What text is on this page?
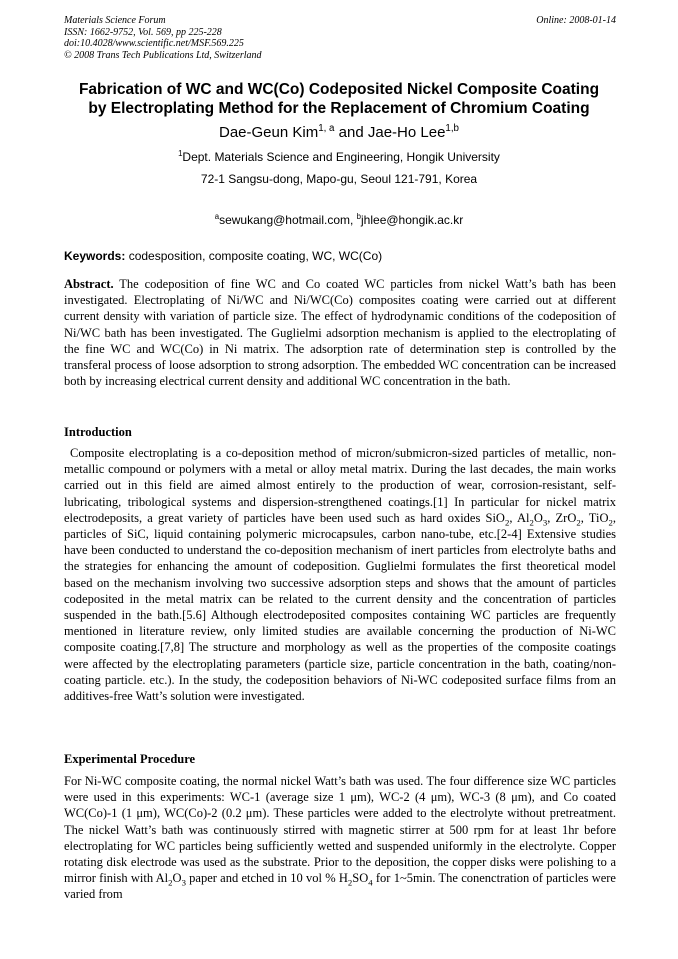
Materials Science Forum
ISSN: 1662-9752, Vol. 569, pp 225-228
doi:10.4028/www.scientific.net/MSF.569.225
© 2008 Trans Tech Publications Ltd, Switzerland
Online: 2008-01-14
Fabrication of WC and WC(Co) Codeposited Nickel Composite Coating
by Electroplating Method for the Replacement of Chromium Coating
Dae-Geun Kim$^{1, a}$ and Jae-Ho Lee$^{1,b}$
$^1$Dept. Materials Science and Engineering, Hongik University
72-1 Sangsu-dong, Mapo-gu, Seoul 121-791, Korea
$^a$sewukang@hotmail.com, $^b$jhlee@hongik.ac.kr
Keywords: codesposition, composite coating, WC, WC(Co)

Abstract. The codeposition of fine WC and Co coated WC particles from nickel Watt’s bath has been investigated. Electroplating of Ni/WC and Ni/WC(Co) composites coating were carried out at different current density with variation of particle size. The effect of hydrodynamic conditions of the codeposition of Ni/WC bath has been investigated. The Guglielmi adsorption mechanism is applied to the electroplating of the fine WC and WC(Co) in Ni matrix. The adsorption rate of determination step is controlled by the transferal process of loose adsorption to strong adsorption. The embedded WC concentration can be increased both by increasing electrical current density and additional WC concentration in the bath.

Introduction

Composite electroplating is a co-deposition method of micron/submicron-sized particles of metallic, non-metallic compound or polymers with a metal or alloy metal matrix. During the last decades, the main works carried out in this field are aimed almost entirely to the production of wear, corrosion-resistant, self-lubricating, tribological systems and dispersion-strengthened coatings.[1] In particular for nickel matrix electrodeposits, a great variety of particles have been used such as hard oxides SiO$_2$, $Al_2O_3$, ZrO$_2$, TiO$_2$, particles of SiC, liquid containing polymeric microcapsules, carbon nano-tube, etc.[2-4] Extensive studies have been conducted to understand the co-deposition mechanism of inert particles from electrolyte baths and the strategies for enhancing the amount of codeposition. Guglielmi formulates the first theoretical model based on the mechanism involving two successive adsorption steps and shows that the amount of particles codeposited in the metal matrix can be related to the current density and the concentration of particles suspended in the bath.[5.6] Although electrodeposited composites containing WC particles are frequently mentioned in literature review, only limited studies are available concerning the production of Ni-WC composite coating.[7,8] The structure and morphology as well as the properties of the composite coatings were affected by the electroplating parameters (particle size, particle concentration in the bath, coating/non-coating particle. etc.). In the study, the codeposition behaviors of Ni-WC codeposited surface films from an additives-free Watt’s solution were investigated.

Experimental Procedure

For Ni-WC composite coating, the normal nickel Watt’s bath was used. The four difference size WC particles were used in this experiments: WC-1 (average size 1 μm), WC-2 (4 μm), WC-3 (8 μm), and Co coated WC(Co)-1 (1 μm), WC(Co)-2 (0.2 μm). These particles were added to the electrolyte without pretreatment. The nickel Watt’s bath was continuously stirred with magnetic stirrer at 500 rpm for at least 1hr before electroplating for WC particles being sufficiently wetted and suspended uniformly in the electrolyte. Copper rotating disk electrode was used as the substrate. Prior to the deposition, the copper disks were polishing to a mirror finish with $Al_2O_3$ paper and etched in 10 vol % $H_2SO_4$ for 1~5min. The conenctration of particles were varied from
